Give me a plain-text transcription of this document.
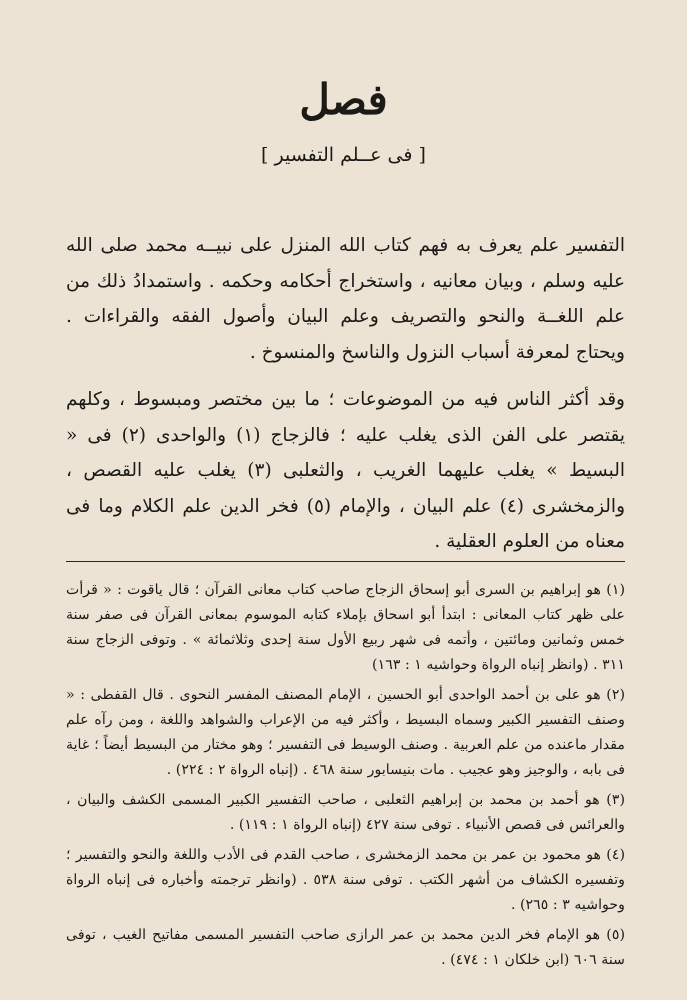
فصل
[ فى عــلم التفسير ]

التفسير علم يعرف به فهم كتاب الله المنزل على نبيــه محمد صلى الله عليه وسلم ، وبيان معانيه ، واستخراج أحكامه وحكمه . واستمدادُ ذلك من علم اللغــة والنحو والتصريف وعلم البيان وأصول الفقه والقراءات . ويحتاج لمعرفة أسباب النزول والناسخ والمنسوخ .

وقد أكثر الناس فيه من الموضوعات ؛ ما بين مختصر ومبسوط ، وكلهم يقتصر على الفن الذى يغلب عليه ؛ فالزجاج (١) والواحدى (٢) فى « البسيط » يغلب عليهما الغريب ، والثعلبى (٣) يغلب عليه القصص ، والزمخشرى (٤) علم البيان ، والإمام (٥) فخر الدين علم الكلام وما فى معناه من العلوم العقلية .

(١) هو إبراهيم بن السرى أبو إسحاق الزجاج صاحب كتاب معانى القرآن ؛ قال ياقوت : « قرأت على ظهر كتاب المعانى : ابتدأ أبو اسحاق بإملاء كتابه الموسوم بمعانى القرآن فى صفر سنة خمس وثمانين ومائتين ، وأتمه فى شهر ربيع الأول سنة إحدى وثلاثمائة » . وتوفى الزجاج سنة ٣١١ . (وانظر إنباه الرواة وحواشيه ١ : ١٦٣)

(٢) هو على بن أحمد الواحدى أبو الحسين ، الإمام المصنف المفسر النحوى . قال القفطى : « وصنف التفسير الكبير وسماه البسيط ، وأكثر فيه من الإعراب والشواهد واللغة ، ومن رآه علم مقدار ماعنده من علم العربية . وصنف الوسيط فى التفسير ؛ وهو مختار من البسيط أيضاً ؛ غاية فى بابه ، والوجيز وهو عجيب . مات بنيسابور سنة ٤٦٨ . (إنباه الرواة ٢ : ٢٢٤) .

(٣) هو أحمد بن محمد بن إبراهيم الثعلبى ، صاحب التفسير الكبير المسمى الكشف والبيان ، والعرائس فى قصص الأنبياء . توفى سنة ٤٢٧ (إنباه الرواة ١ : ١١٩) .

(٤) هو محمود بن عمر بن محمد الزمخشرى ، صاحب القدم فى الأدب واللغة والنحو والتفسير ؛ وتفسيره الكشاف من أشهر الكتب . توفى سنة ٥٣٨ . (وانظر ترجمته وأخباره فى إنباه الرواة وحواشيه ٣ : ٢٦٥) .

(٥) هو الإمام فخر الدين محمد بن عمر الرازى صاحب التفسير المسمى مفاتيح الغيب ، توفى سنة ٦٠٦ (ابن خلكان ١ : ٤٧٤) .
